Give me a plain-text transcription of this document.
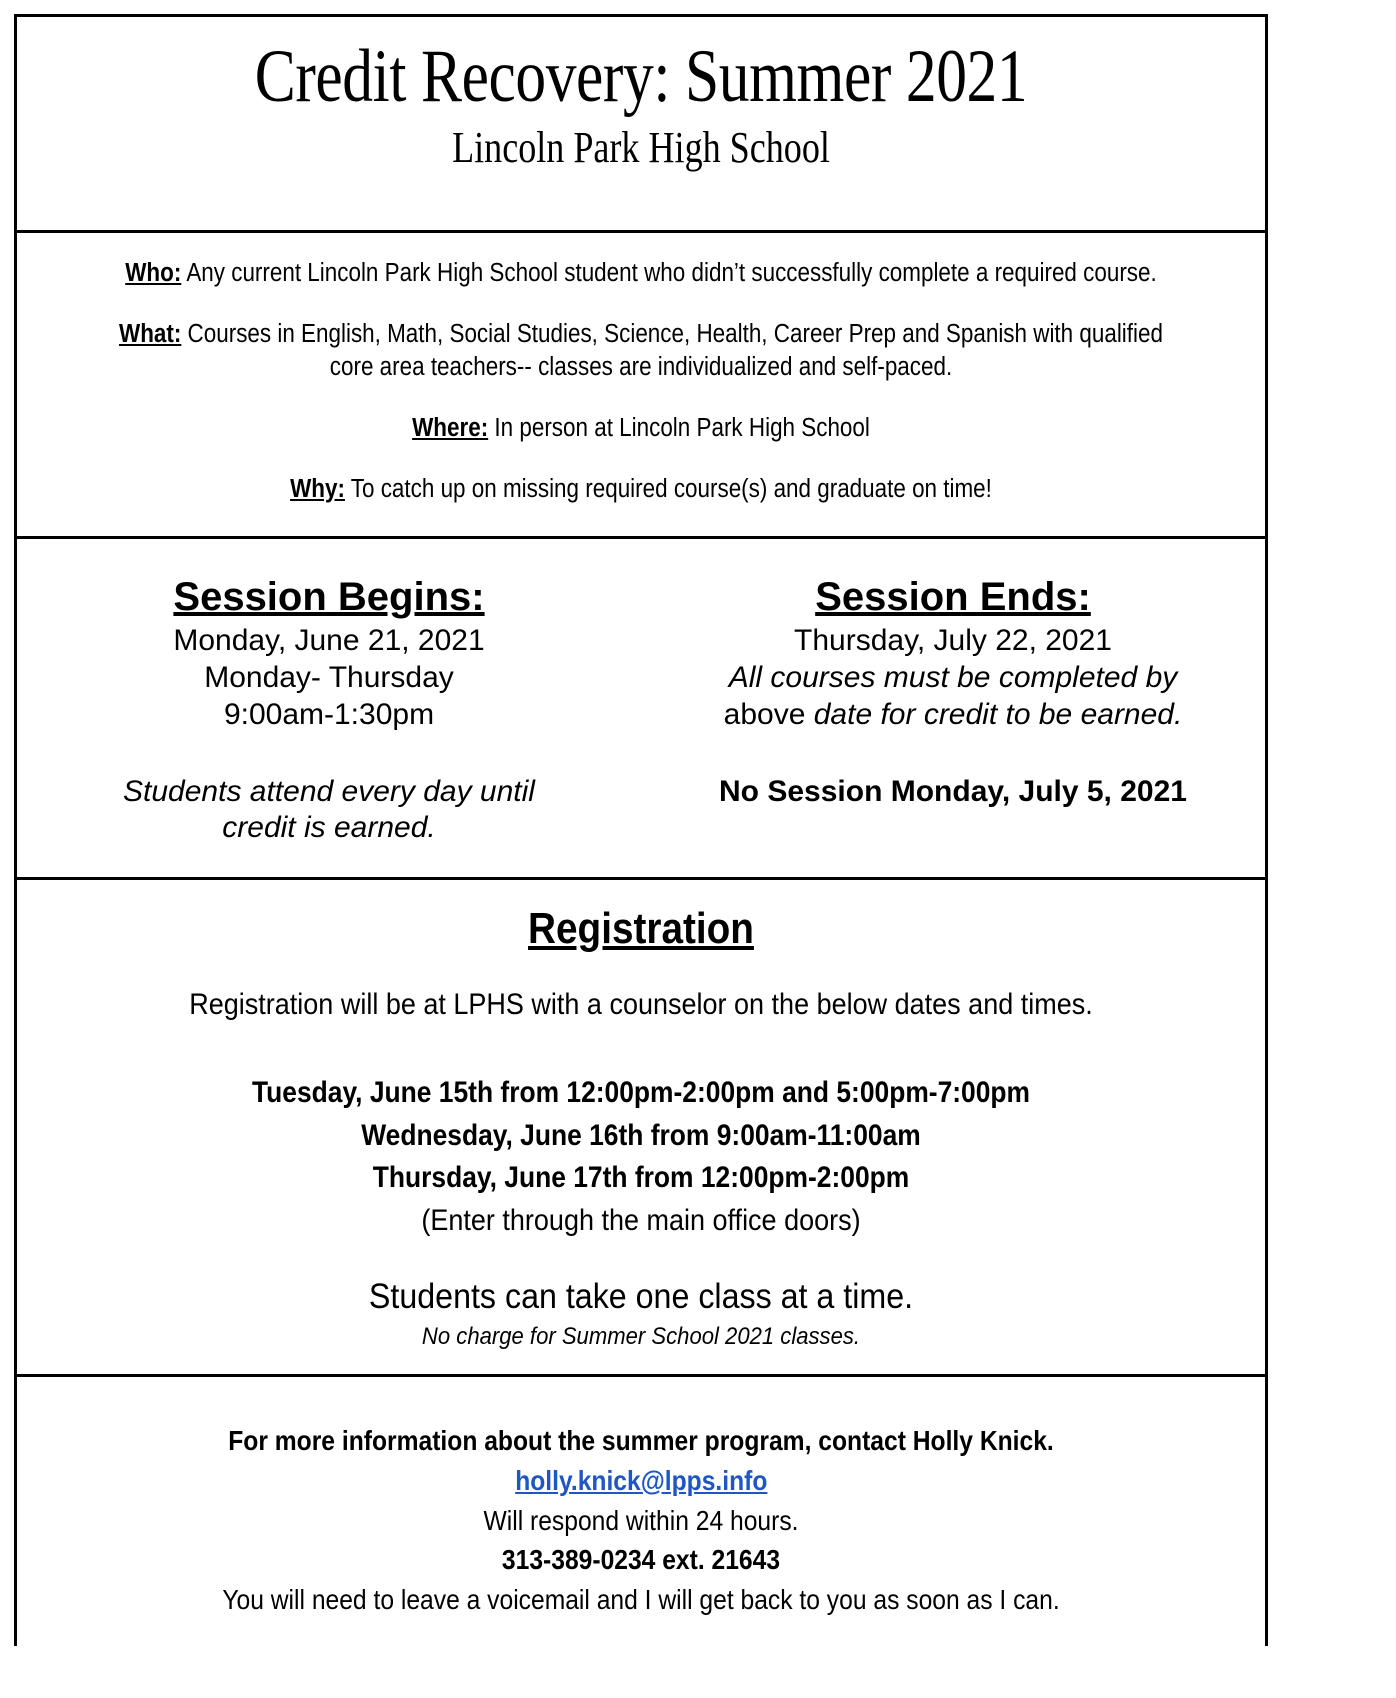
Credit Recovery: Summer 2021
Lincoln Park High School
Who: Any current Lincoln Park High School student who didn’t successfully complete a required course.
What: Courses in English, Math, Social Studies, Science, Health, Career Prep and Spanish with qualified core area teachers-- classes are individualized and self-paced.
Where: In person at Lincoln Park High School
Why: To catch up on missing required course(s) and graduate on time!
Session Begins:
Monday, June 21, 2021
Monday- Thursday
9:00am-1:30pm
Students attend every day until
credit is earned.
Session Ends:
Thursday, July 22, 2021
All courses must be completed by
above date for credit to be earned.
No Session Monday, July 5, 2021
Registration
Registration will be at LPHS with a counselor on the below dates and times.
Tuesday, June 15th from 12:00pm-2:00pm and 5:00pm-7:00pm
Wednesday, June 16th from 9:00am-11:00am
Thursday, June 17th from 12:00pm-2:00pm
(Enter through the main office doors)
Students can take one class at a time.
No charge for Summer School 2021 classes.
For more information about the summer program, contact Holly Knick.
holly.knick@lpps.info
Will respond within 24 hours.
313-389-0234 ext. 21643
You will need to leave a voicemail and I will get back to you as soon as I can.
